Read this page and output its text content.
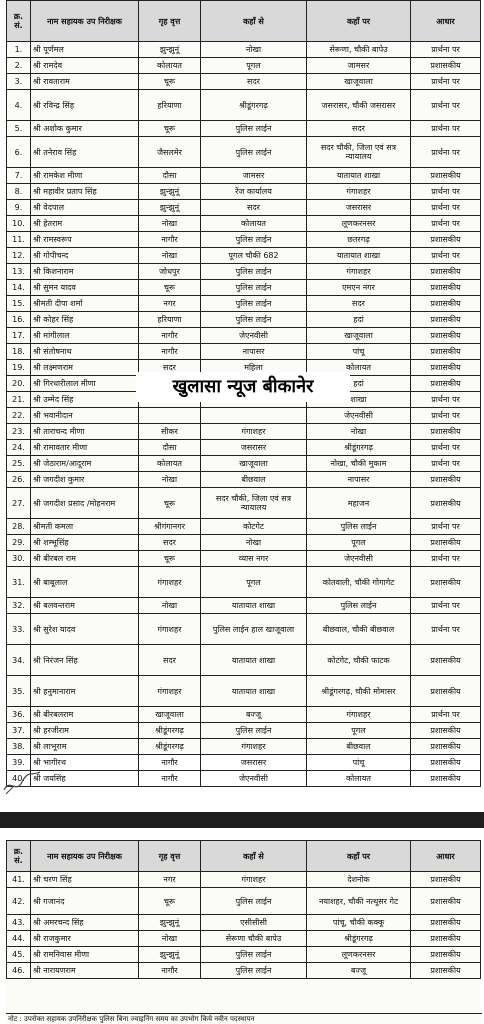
क्र. सं.	नाम सहायक उप निरीक्षक	गृह वृत्त	कहाँ से	कहाँ पर	आधार

1.	श्री पूर्णमल	झुन्झुनूं	नोखा	सेरूणा, चौकी बापेउ	प्रार्थना पर

2.	श्री रामदेव	कोलायत	पूगल	जामसर	प्रशासकीय

3.	श्री रावताराम	चूरू	सदर	खाजूवाला	प्रार्थना पर

4.	श्री रविन्द्र सिंह	हरियाणा	श्रीडूंगरगढ़	जसरासर, चौकी जसरासर	प्रार्थना पर

5.	श्री अशोक कुमार	चूरू	पुलिस लाईन	सदर	प्रार्थना पर

6.	श्री तनेराव सिंह	जैसलमेर	पुलिस लाईन	सदर चौकी, जिला एवं सत्र न्यायालय	प्रार्थना पर

7.	श्री रामकेश मीणा	दौसा	जामसर	यातायात शाखा	प्रशासकीय

8.	श्री महावीर प्रताप सिंह	झुन्झुनूं	रेंज कार्यालय	गंगाशहर	प्रार्थना पर

9.	श्री वेदपाल	झुन्झुनूं	सदर	जसरासर	प्रार्थना पर

10.	श्री हेतराम	नोखा	कोलायत	लूणकरनसर	प्रार्थना पर

11.	श्री रामस्वरूप	नागौर	पुलिस लाईन	छतरगढ़	प्रशासकीय

12.	श्री गोपीचन्द	नोखा	पूगल चौकी 682	यातायात शाखा	प्रार्थना पर

13.	श्री किशनाराम	जोधपुर	पुलिस लाईन	गंगाशहर	प्रशासकीय

14.	श्री सुमन यादव	चूरू	पुलिस लाईन	एमएन नगर	प्रशासकीय

15.	श्रीमती दीपा शर्मा	नगर	पुलिस लाईन	सदर	प्रशासकीय

16.	श्री कोहर सिंह	हरियाणा	पुलिस लाईन	हदां	प्रशासकीय

17.	श्री मांगीलाल	नागौर	जेएनवीसी	खाजूवाला	प्रशासकीय

18.	श्री संतोषनाथ	नागौर	नापासर	पांचू	प्रशासकीय

19.	श्री लक्ष्मणराम	सदर	महिला	कोलायत	प्रशासकीय

20.	श्री गिरधारीलाल मीणा			हदां	प्रशासकीय

21.	श्री उम्मेद सिंह			शाखा	प्रार्थना पर

22.	श्री भवानीदान			जेएनवीसी	प्रार्थना पर

23.	श्री ताराचन्द मीणा	सीकर	गंगाशहर	नोखा	प्रशासकीय

24.	श्री रामावतार मीणा	दौसा	जसरासर	श्रीडूंगरगढ़	प्रार्थना पर

25.	श्री जेठाराम/आदूराम	कोलायत	खाजूवाला	नोखा, चौकी मुकाम	प्रार्थना पर

26.	श्री जगदीश कुमार	नोखा	बीछवाल	नापासर	प्रशासकीय

27.	श्री जगदीश प्रसाद /मोहनराम	चूरू	सदर चौकी, जिला एवं सत्र न्यायालय	महाजन	प्रशासकीय

28.	श्रीमती कमला	श्रीगंगानगर	कोटगेट	पुलिस लाईन	प्रार्थना पर

29.	श्री शम्भूसिंह	सदर	नोखा	पूगल	प्रशासकीय

30.	श्री बीरबल राम	चूरू	व्यास नगर	जेएनवीसी	प्रार्थना पर

31.	श्री बाबूलाल	गंगाशहर	पूगल	कोतवाली, चौकी गोगागेट	प्रशासकीय

32.	श्री बलवन्तराम	नोखा	यातायात शाखा	पुलिस लाईन	प्रार्थना पर

33.	श्री सुरेश यादव	गंगाशहर	पुलिस लाईन हाल खाजूवाला	बीछवाल, चौकी बीछवाल	प्रार्थना पर

34.	श्री निरंजन सिंह	सदर	यातायात शाखा	कोटगेट, चौकी फाटक	प्रशासकीय

35.	श्री हनुमानाराम	गंगाशहर	यातायात शाखा	श्रीडूंगरगढ़, चौकी मोमासर	प्रशासकीय

36.	श्री बीरबलराम	खाजूवाला	बज्जू	गंगाशहर	प्रार्थना पर

37.	श्री हरजीराम	श्रीडूंगरगढ़	पुलिस लाईन	पूगल	प्रशासकीय

38.	श्री लाभूराम	श्रीडूंगरगढ़	गंगाशहर	बीछवाल	प्रशासकीय

39.	श्री भागीरथ	नागौर	जसरासर	पांचू	प्रशासकीय

40.	श्री जयसिंह	नागौर	जेएनवीसी	कोलायत	प्रशासकीय
खुलासा न्यूज बीकानेर
क्र. सं.	नाम सहायक उप निरीक्षक	गृह वृत्त	कहाँ से	कहाँ पर	आधार

41.	श्री चरण सिंह	नगर	गंगाशहर	देशनोक	प्रशासकीय

42.	श्री गजानंद	चूरू	पुलिस लाईन	नयाशहर, चौकी नत्थूसर गेट	प्रशासकीय

43.	श्री अमरचन्द सिंह	झुन्झुनूं	एसीसीसी	पांचू, चौकी कक्कू	प्रशासकीय

44.	श्री राजकुमार	नोखा	सेरूणा चौकी बापेउ	श्रीडूंगरगढ़	प्रशासकीय

45.	श्री रामनिवास मीणा	झुन्झुनूं	पुलिस लाईन	लूणकरनसर	प्रशासकीय

46.	श्री नारायणराम	नागौर	पुलिस लाईन	बज्जू	प्रशासकीय
नोट : उपरोक्त सहायक उपनिरीक्षक पुलिस बिना ज्वाइनिंग समय का उपभोग किये नवीन पदस्थापन
